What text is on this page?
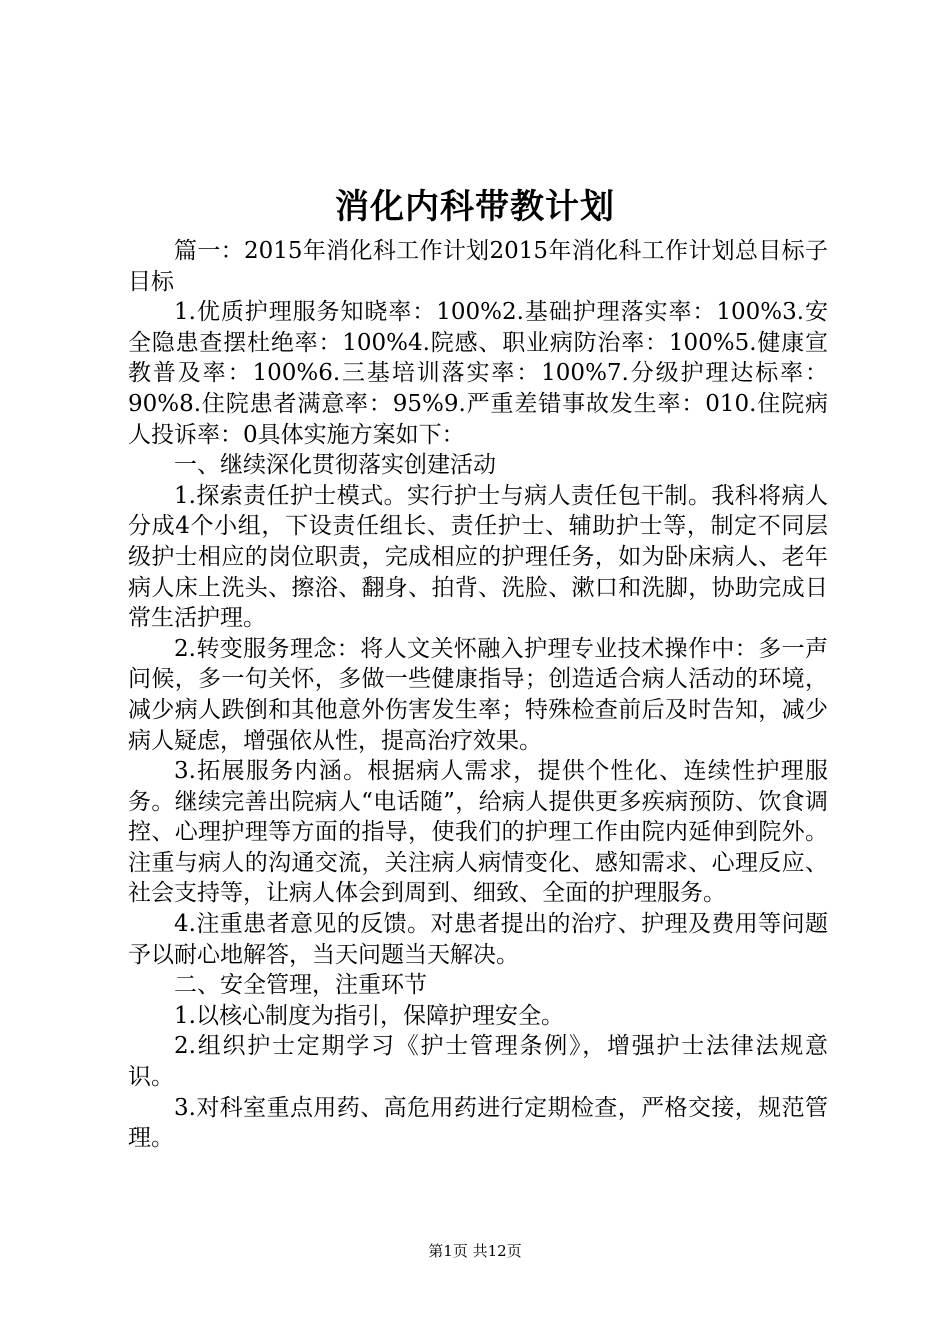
消化内科带教计划

篇一：2015年消化科工作计划2015年消化科工作计划总目标子目标

1.优质护理服务知晓率：100%2.基础护理落实率：100%3.安全隐患查摆杜绝率：100%4.院感、职业病防治率：100%5.健康宣教普及率：100%6.三基培训落实率：100%7.分级护理达标率：90%8.住院患者满意率：95%9.严重差错事故发生率：010.住院病人投诉率：0具体实施方案如下：

一、继续深化贯彻落实创建活动

1.探索责任护士模式。实行护士与病人责任包干制。我科将病人分成4个小组，下设责任组长、责任护士、辅助护士等，制定不同层级护士相应的岗位职责，完成相应的护理任务，如为卧床病人、老年病人床上洗头、擦浴、翻身、拍背、洗脸、漱口和洗脚，协助完成日常生活护理。

2.转变服务理念：将人文关怀融入护理专业技术操作中：多一声问候，多一句关怀，多做一些健康指导；创造适合病人活动的环境，减少病人跌倒和其他意外伤害发生率；特殊检查前后及时告知，减少病人疑虑，增强依从性，提高治疗效果。

3.拓展服务内涵。根据病人需求，提供个性化、连续性护理服务。继续完善出院病人“电话随”，给病人提供更多疾病预防、饮食调控、心理护理等方面的指导，使我们的护理工作由院内延伸到院外。注重与病人的沟通交流，关注病人病情变化、感知需求、心理反应、社会支持等，让病人体会到周到、细致、全面的护理服务。

4.注重患者意见的反馈。对患者提出的治疗、护理及费用等问题予以耐心地解答，当天问题当天解决。

二、安全管理，注重环节

1.以核心制度为指引，保障护理安全。

2.组织护士定期学习《护士管理条例》，增强护士法律法规意识。

3.对科室重点用药、高危用药进行定期检查，严格交接，规范管理。

第1页 共12页
